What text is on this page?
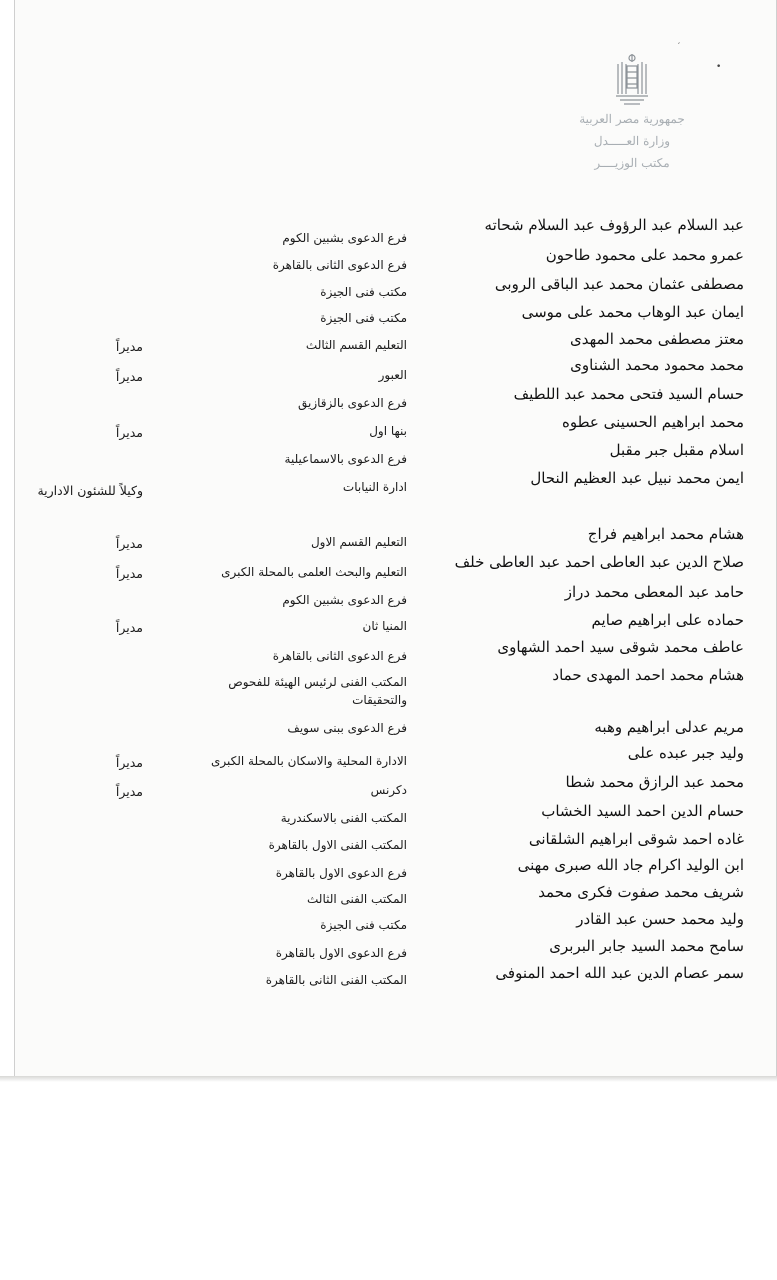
′
•
جمهورية مصر العربية
وزارة العـــــدل
مكتب الوزيــــر
عبد السلام عبد الرؤوف عبد السلام شحاته
فرع الدعوى بشبين الكوم
عمرو محمد على محمود طاحون
فرع الدعوى الثانى بالقاهرة
مصطفى عثمان محمد عبد الباقى الروبى
مكتب فنى الجيزة
ايمان عبد الوهاب محمد على موسى
مكتب فنى الجيزة
معتز مصطفى محمد المهدى
التعليم القسم الثالث
مديراً
محمد محمود محمد الشناوى
العبور
مديراً
حسام السيد فتحى محمد عبد اللطيف
فرع الدعوى بالزقازيق
محمد ابراهيم الحسينى عطوه
بنها اول
مديراً
اسلام مقبل جبر مقبل
فرع الدعوى بالاسماعيلية
ايمن محمد نبيل عبد العظيم النحال
ادارة النيابات
وكيلاً للشئون الادارية
هشام محمد ابراهيم فراج
التعليم القسم الاول
مديراً
صلاح الدين عبد العاطى احمد عبد العاطى خلف
التعليم والبحث العلمى بالمحلة الكبرى
مديراً
حامد عبد المعطى محمد دراز
فرع الدعوى بشبين الكوم
حماده على ابراهيم صايم
المنيا ثان
مديراً
عاطف محمد شوقى سيد احمد الشهاوى
فرع الدعوى الثانى بالقاهرة
هشام محمد احمد المهدى حماد
المكتب الفنى لرئيس الهيئة للفحوص والتحقيقات
مريم عدلى ابراهيم وهبه
فرع الدعوى ببنى سويف
وليد جبر عبده على
الادارة المحلية والاسكان بالمحلة الكبرى
مديراً
محمد عبد الرازق محمد شطا
دكرنس
مديراً
حسام الدين احمد السيد الخشاب
المكتب الفنى بالاسكندرية
غاده احمد شوقى ابراهيم الشلقانى
المكتب الفنى الاول بالقاهرة
ابن الوليد اكرام جاد الله صبرى مهنى
فرع الدعوى الاول بالقاهرة
شريف محمد صفوت فكرى محمد
المكتب الفنى الثالث
وليد محمد حسن عبد القادر
مكتب فنى الجيزة
سامح محمد السيد جابر البربرى
فرع الدعوى الاول بالقاهرة
سمر عصام الدين عبد الله احمد المنوفى
المكتب الفنى الثانى بالقاهرة
